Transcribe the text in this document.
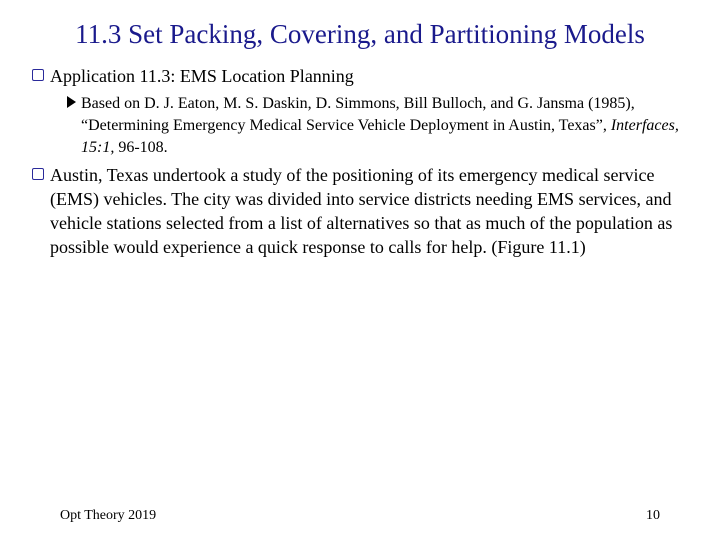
11.3 Set Packing, Covering, and Partitioning Models
Application 11.3: EMS Location Planning
Based on D. J. Eaton, M. S. Daskin, D. Simmons, Bill Bulloch, and G. Jansma (1985), “Determining Emergency Medical Service Vehicle Deployment in Austin, Texas”, Interfaces, 15:1, 96-108.
Austin, Texas undertook a study of the positioning of its emergency medical service (EMS) vehicles. The city was divided into service districts needing EMS services, and vehicle stations selected from a list of alternatives so that as much of the population as possible would experience a quick response to calls for help. (Figure 11.1)
Opt Theory 2019	10
